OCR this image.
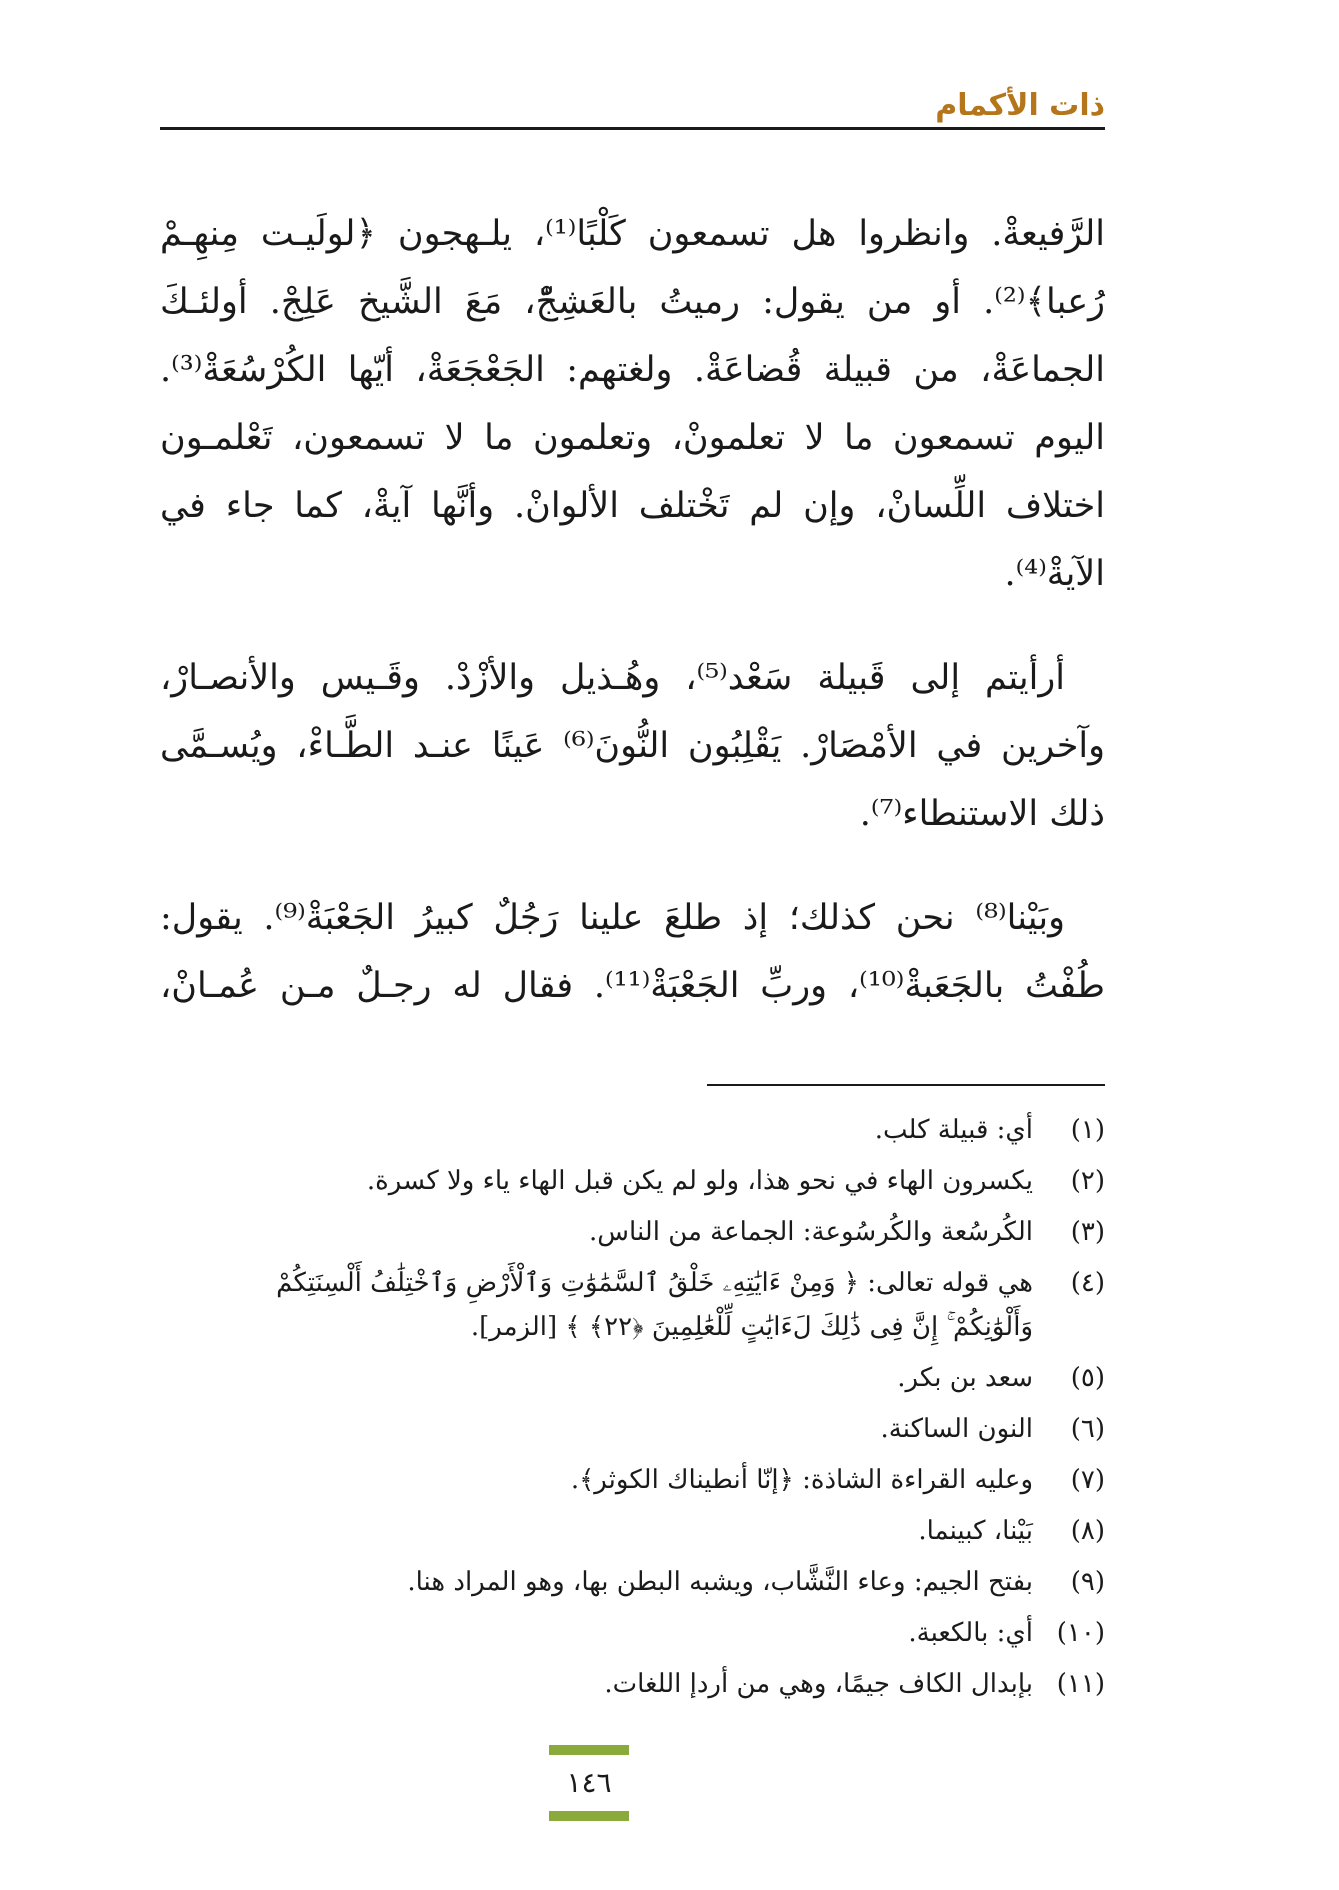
ذات الأكمام

الرَّفيعةْ. وانظروا هل تسمعون كَلْبًا⁽¹⁾، يلـهجون ﴿لولَيـت مِنهِـمْ
رُعبا﴾⁽²⁾. أو من يقول: رميتُ بالعَشِجّْ، مَعَ الشَّيخ عَلِجْ. أولئـكَ
الجماعَةْ، من قبيلة قُضاعَةْ. ولغتهم: الجَعْجَعَةْ، أيّها الكُرْسُعَةْ⁽³⁾.
اليوم تسمعون ما لا تعلمونْ، وتعلمون ما لا تسمعون، تَعْلمـون
اختلاف اللِّسانْ، وإن لم تَخْتلف الألوانْ. وأنَّها آيةْ، كما جاء في
الآيةْ⁽⁴⁾.

أرأيتم إلى قَبيلة سَعْد⁽⁵⁾، وهُـذيل والأزْدْ. وقَـيس والأنصـارْ،
وآخرين في الأمْصَارْ. يَقْلِبُون النُّونَ⁽⁶⁾ عَينًا عنـد الطَّـاءْ، ويُسـمَّى
ذلك الاستنطاء⁽⁷⁾.

وبَيْنا⁽⁸⁾ نحن كذلك؛ إذ طلعَ علينا رَجُلٌ كبيرُ الجَعْبَةْ⁽⁹⁾. يقول:
طُفْتُ بالجَعَبةْ⁽¹⁰⁾، وربِّ الجَعْبَةْ⁽¹¹⁾. فقال له رجـلٌ مـن عُمـانْ،

(١)
أي: قبيلة كلب.
(٢)
يكسرون الهاء في نحو هذا، ولو لم يكن قبل الهاء ياء ولا كسرة.
(٣)
الكُرسُعة والكُرسُوعة: الجماعة من الناس.
(٤)
هي قوله تعالى: ﴿ وَمِنْ ءَايَٰتِهِۦ خَلْقُ ٱلسَّمَٰوَٰتِ وَٱلْأَرْضِ وَٱخْتِلَٰفُ أَلْسِنَتِكُمْ
وَأَلْوَٰنِكُمْ ۚ إِنَّ فِى ذَٰلِكَ لَءَايَٰتٍ لِّلْعَٰلِمِينَ ﴿٢٢﴾ ﴾ [الزمر].
(٥)
سعد بن بكر.
(٦)
النون الساكنة.
(٧)
وعليه القراءة الشاذة: ﴿إنّا أنطيناك الكوثر﴾.
(٨)
بَيْنا، كبينما.
(٩)
بفتح الجيم: وعاء النَّشَّاب، ويشبه البطن بها، وهو المراد هنا.
(١٠)
أي: بالكعبة.
(١١)
بإبدال الكاف جيمًا، وهي من أردإ اللغات.
١٤٦
